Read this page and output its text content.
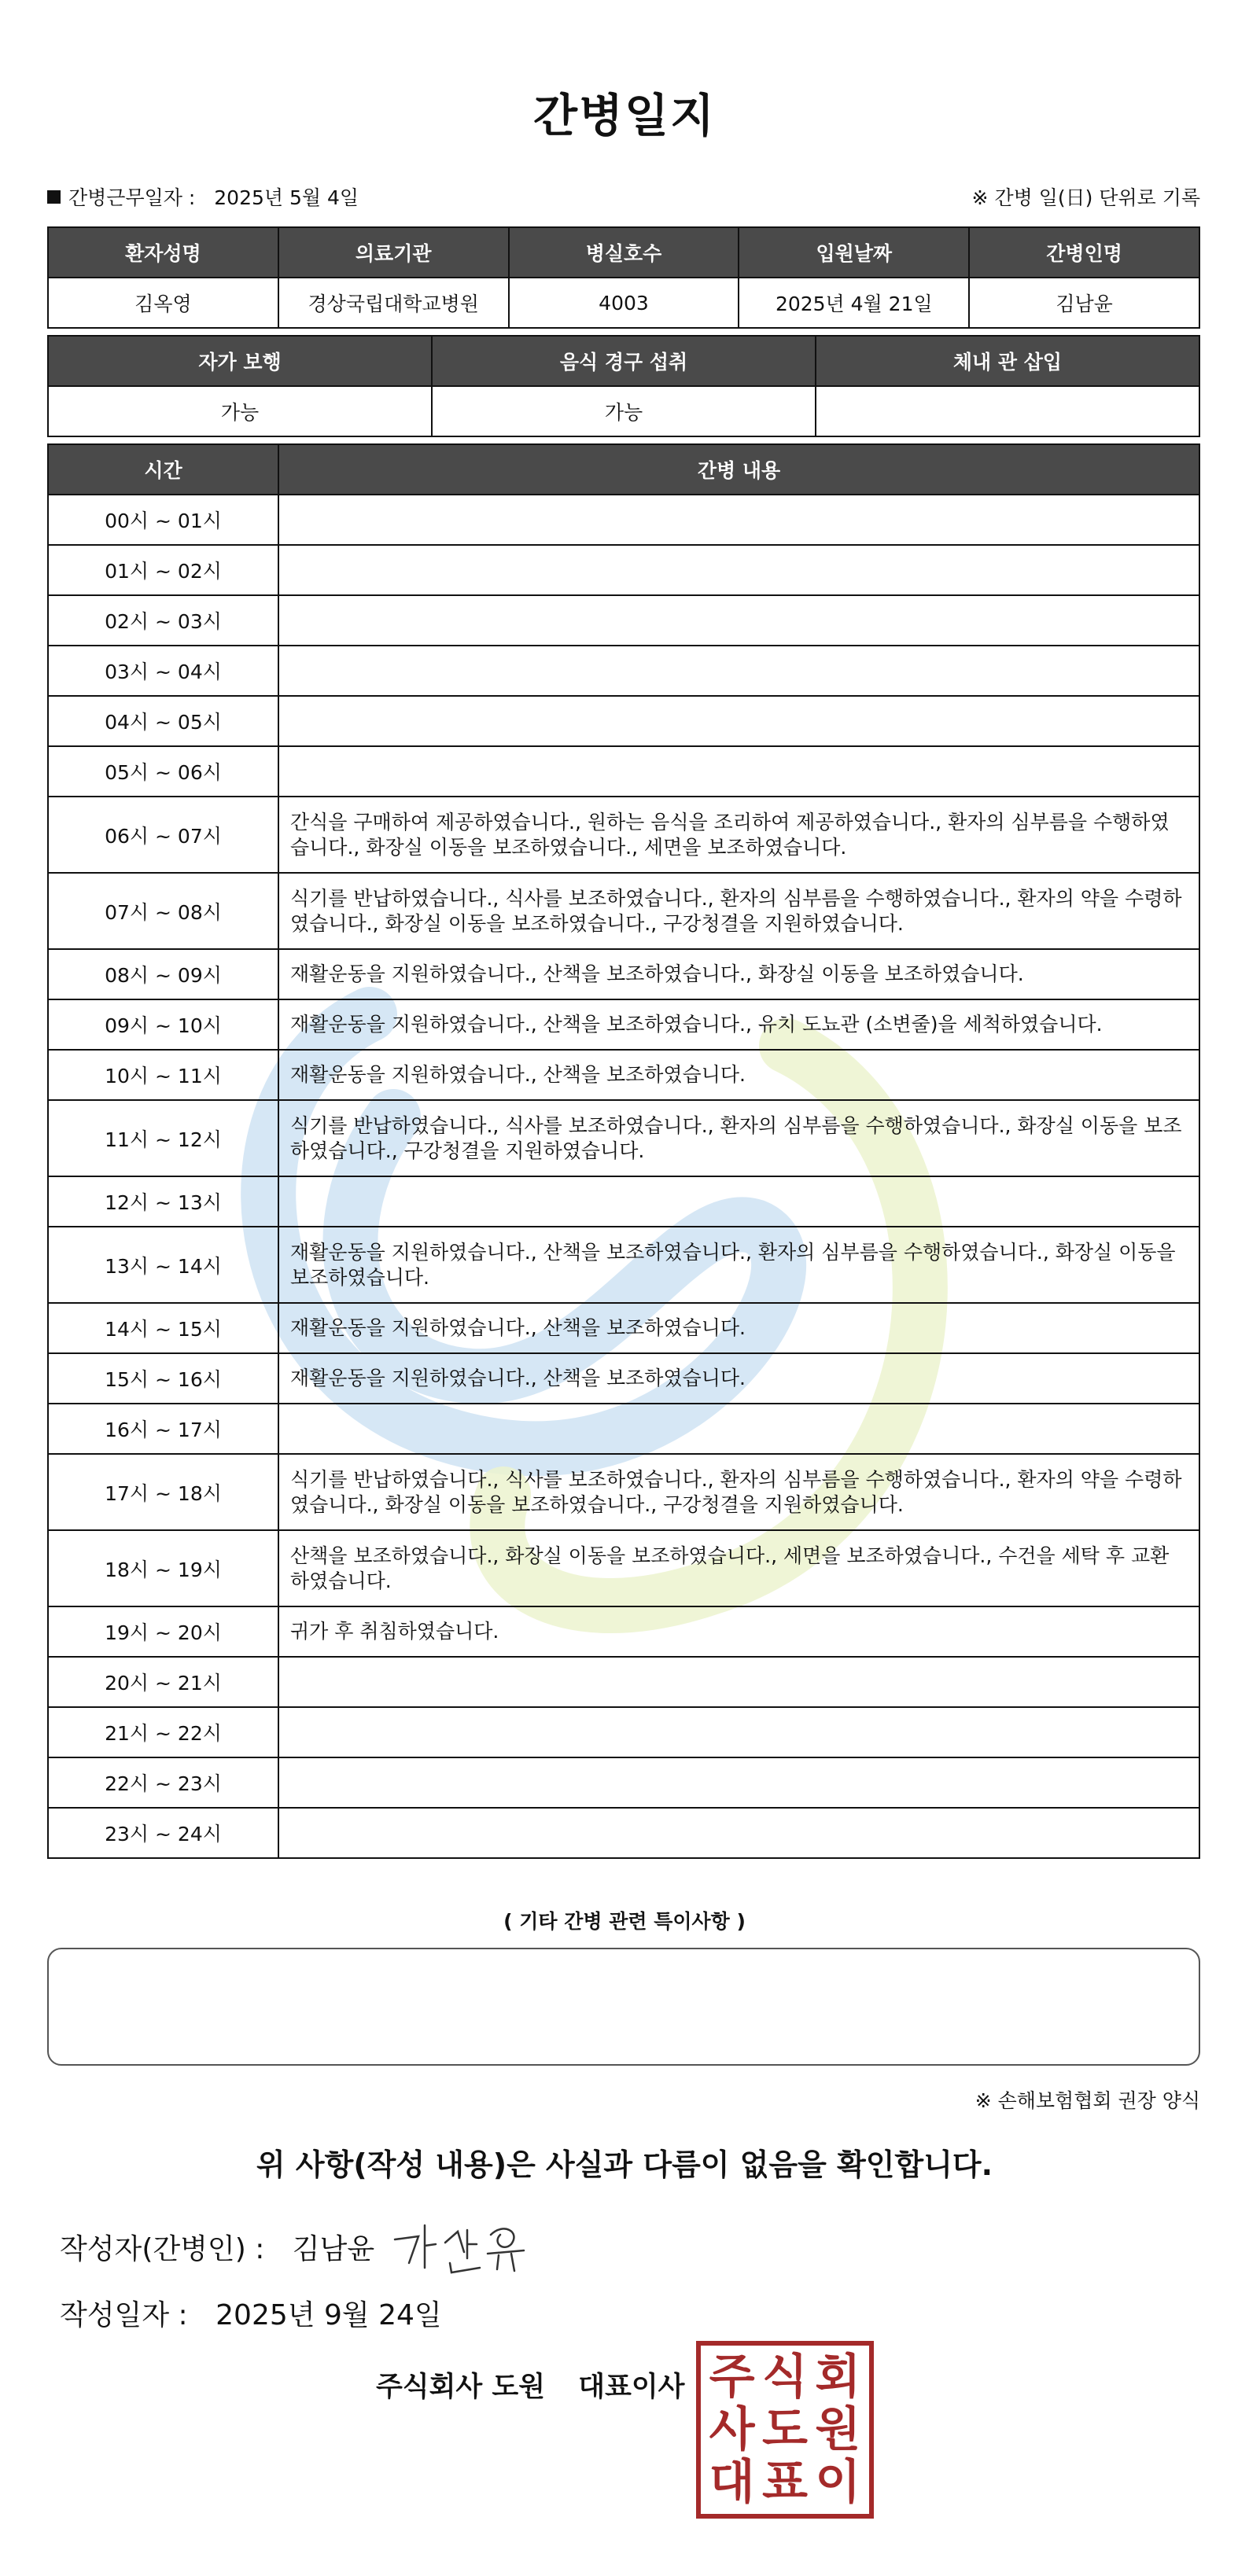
간병일지
간병근무일자 : 2025년 5월 4일	※ 간병 일(日) 단위로 기록
환자성명	의료기관	병실호수	입원날짜	간병인명
김옥영	경상국립대학교병원	4003	2025년 4월 21일	김남윤
자가 보행	음식 경구 섭취	체내 관 삽입
가능	가능	
시간	간병 내용
00시 ~ 01시	
01시 ~ 02시	
02시 ~ 03시	
03시 ~ 04시	
04시 ~ 05시	
05시 ~ 06시	
06시 ~ 07시	간식을 구매하여 제공하였습니다., 원하는 음식을 조리하여 제공하였습니다., 환자의 심부름을 수행하였습니다., 화장실 이동을 보조하였습니다., 세면을 보조하였습니다.
07시 ~ 08시	식기를 반납하였습니다., 식사를 보조하였습니다., 환자의 심부름을 수행하였습니다., 환자의 약을 수령하였습니다., 화장실 이동을 보조하였습니다., 구강청결을 지원하였습니다.
08시 ~ 09시	재활운동을 지원하였습니다., 산책을 보조하였습니다., 화장실 이동을 보조하였습니다.
09시 ~ 10시	재활운동을 지원하였습니다., 산책을 보조하였습니다., 유치 도뇨관 (소변줄)을 세척하였습니다.
10시 ~ 11시	재활운동을 지원하였습니다., 산책을 보조하였습니다.
11시 ~ 12시	식기를 반납하였습니다., 식사를 보조하였습니다., 환자의 심부름을 수행하였습니다., 화장실 이동을 보조하였습니다., 구강청결을 지원하였습니다.
12시 ~ 13시	
13시 ~ 14시	재활운동을 지원하였습니다., 산책을 보조하였습니다., 환자의 심부름을 수행하였습니다., 화장실 이동을 보조하였습니다.
14시 ~ 15시	재활운동을 지원하였습니다., 산책을 보조하였습니다.
15시 ~ 16시	재활운동을 지원하였습니다., 산책을 보조하였습니다.
16시 ~ 17시	
17시 ~ 18시	식기를 반납하였습니다., 식사를 보조하였습니다., 환자의 심부름을 수행하였습니다., 환자의 약을 수령하였습니다., 화장실 이동을 보조하였습니다., 구강청결을 지원하였습니다.
18시 ~ 19시	산책을 보조하였습니다., 화장실 이동을 보조하였습니다., 세면을 보조하였습니다., 수건을 세탁 후 교환하였습니다.
19시 ~ 20시	귀가 후 취침하였습니다.
20시 ~ 21시	
21시 ~ 22시	
22시 ~ 23시	
23시 ~ 24시	
( 기타 간병 관련 특이사항 )
※ 손해보험협회 권장 양식
위 사항(작성 내용)은 사실과 다름이 없음을 확인합니다.
작성자(간병인) : 김남윤
작성일자 : 2025년 9월 24일
주식회사 도원 대표이사 주 식 회
사 도 원
대 표 이
